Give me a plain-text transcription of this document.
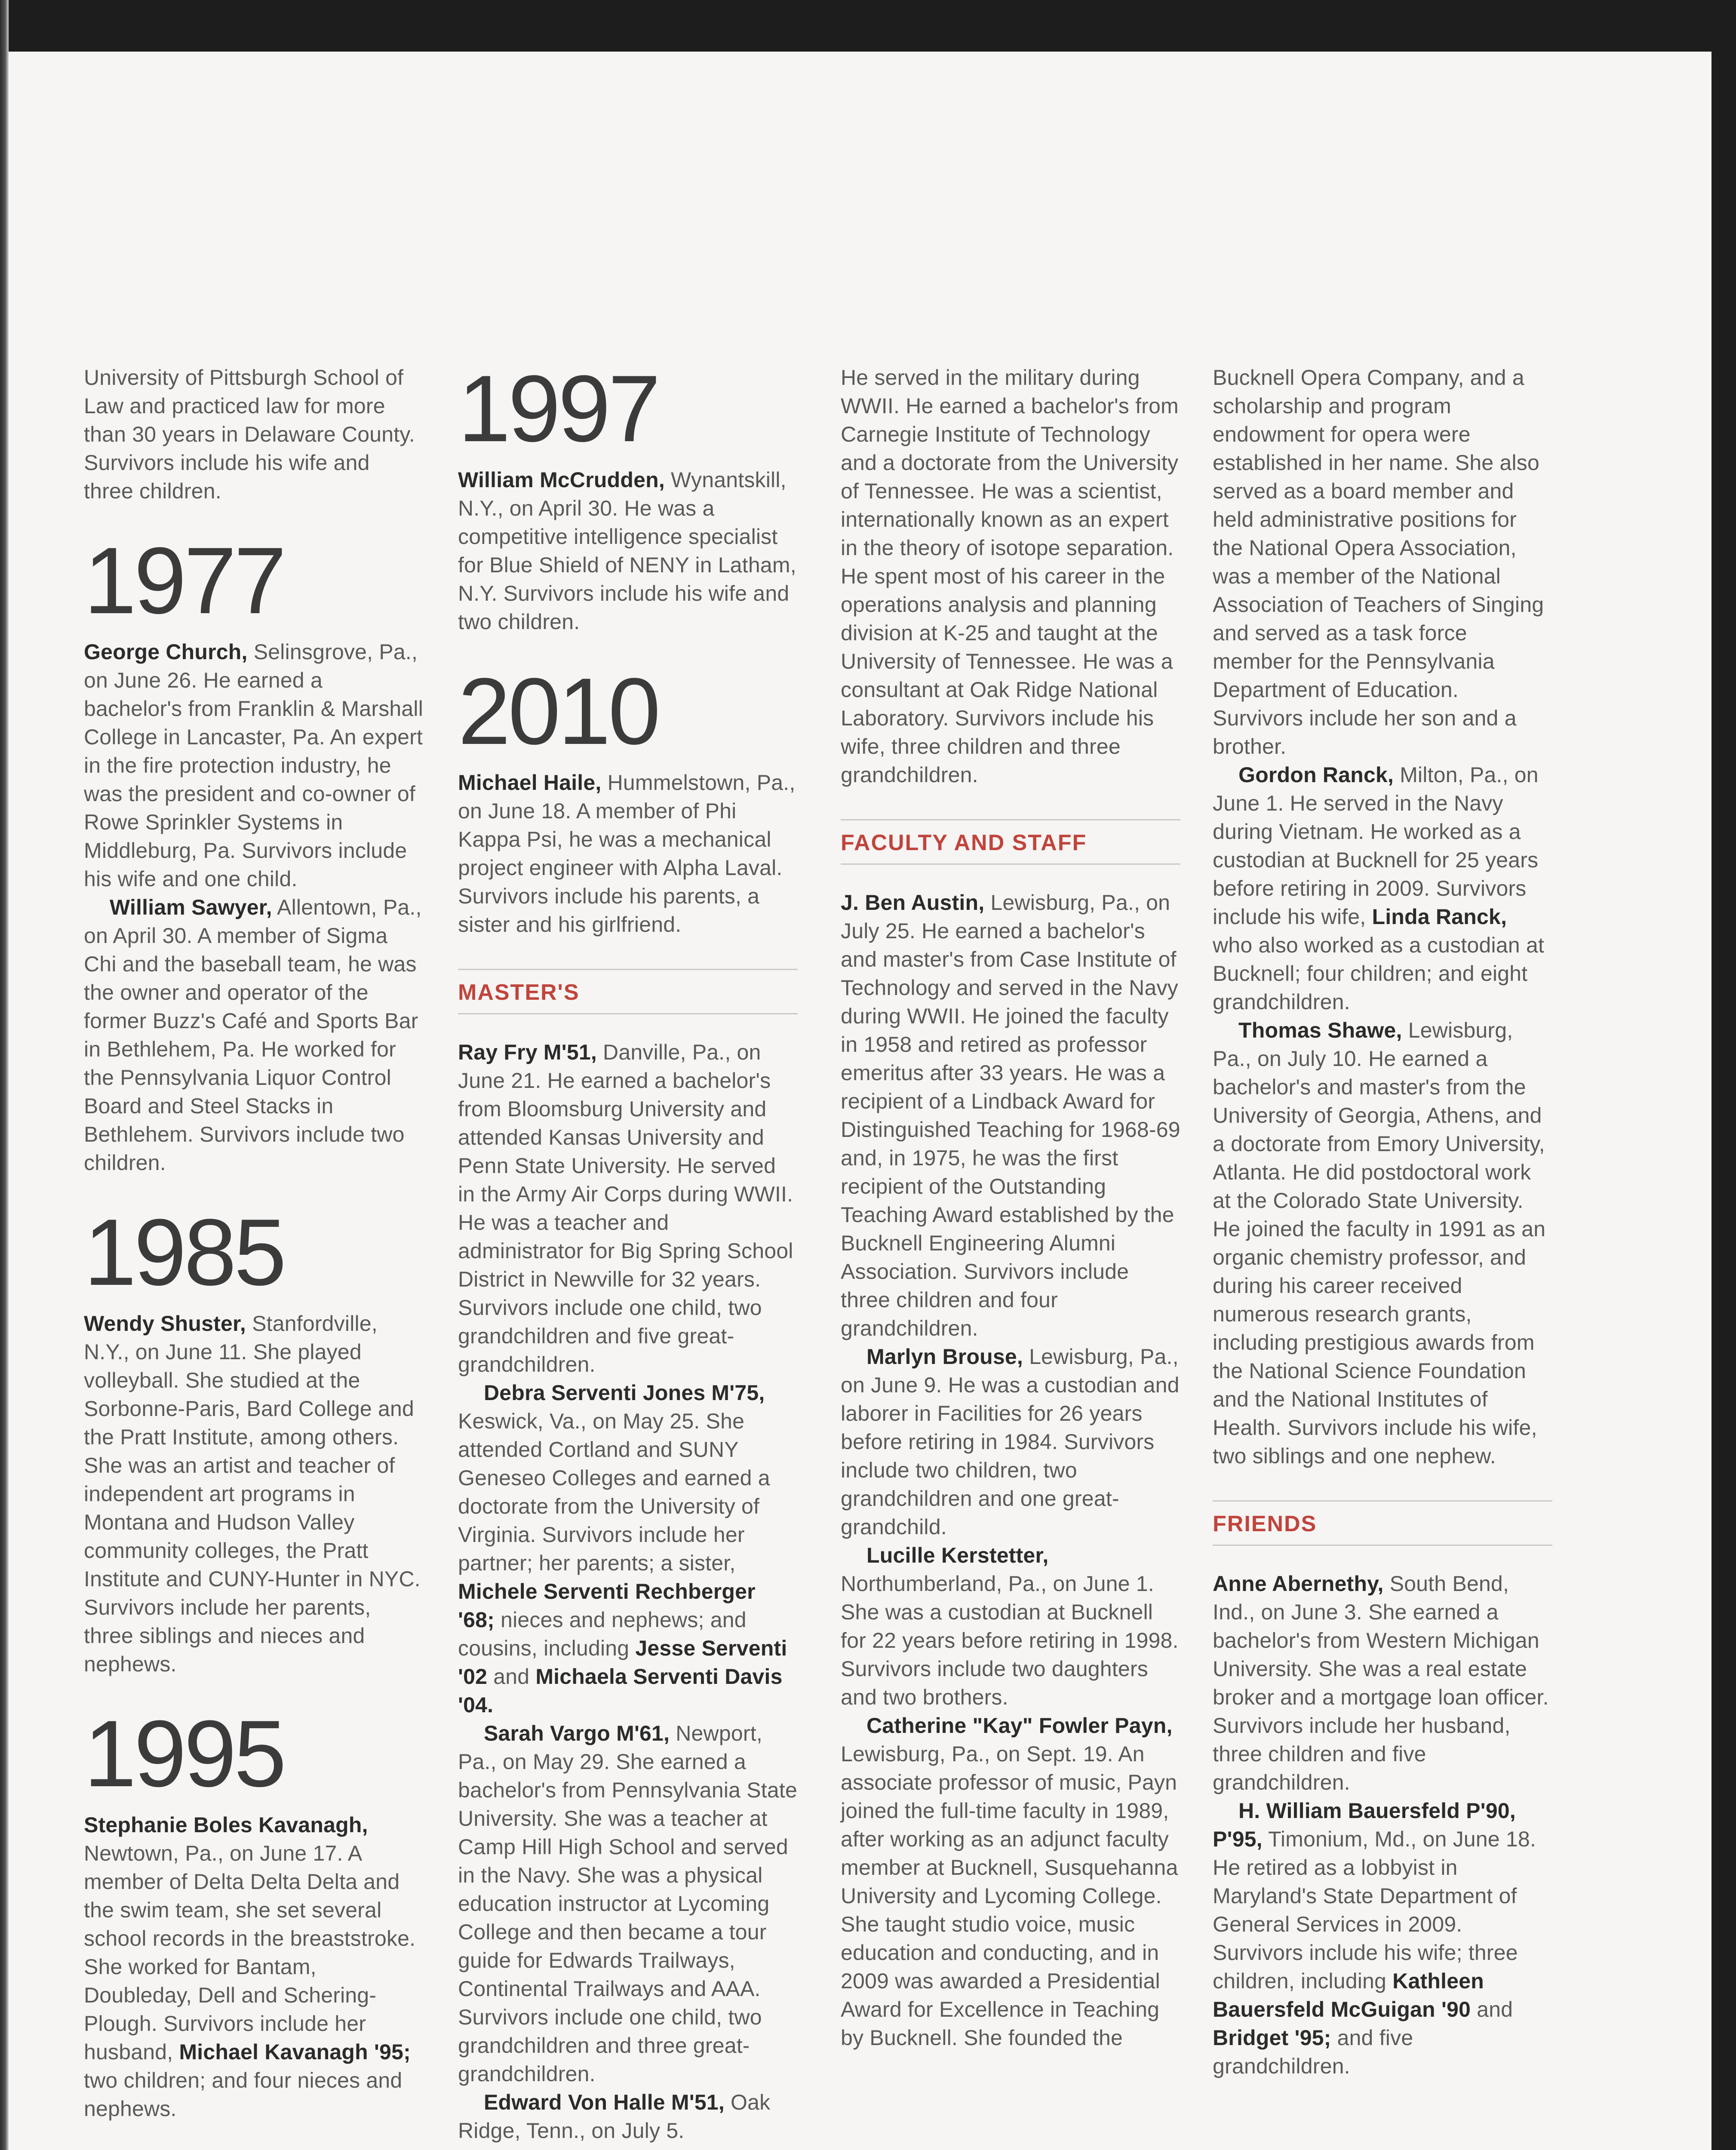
University of Pittsburgh School of Law and practiced law for more than 30 years in Delaware County. Survivors include his wife and three children.

1977

George Church, Selinsgrove, Pa., on June 26. He earned a bachelor's from Franklin & Marshall College in Lancaster, Pa. An expert in the fire protection industry, he was the president and co-owner of Rowe Sprinkler Systems in Middleburg, Pa. Survivors include his wife and one child.

William Sawyer, Allentown, Pa., on April 30. A member of Sigma Chi and the baseball team, he was the owner and operator of the former Buzz's Café and Sports Bar in Bethlehem, Pa. He worked for the Pennsylvania Liquor Control Board and Steel Stacks in Bethlehem. Survivors include two children.

1985

Wendy Shuster, Stanfordville, N.Y., on June 11. She played volleyball. She studied at the Sorbonne-Paris, Bard College and the Pratt Institute, among others. She was an artist and teacher of independent art programs in Montana and Hudson Valley community colleges, the Pratt Institute and CUNY-Hunter in NYC. Survivors include her parents, three siblings and nieces and nephews.

1995

Stephanie Boles Kavanagh, Newtown, Pa., on June 17. A member of Delta Delta Delta and the swim team, she set several school records in the breaststroke. She worked for Bantam, Doubleday, Dell and Schering-Plough. Survivors include her husband, Michael Kavanagh '95; two children; and four nieces and nephews.

1997

William McCrudden, Wynantskill, N.Y., on April 30. He was a competitive intelligence specialist for Blue Shield of NENY in Latham, N.Y. Survivors include his wife and two children.

2010

Michael Haile, Hummelstown, Pa., on June 18. A member of Phi Kappa Psi, he was a mechanical project engineer with Alpha Laval. Survivors include his parents, a sister and his girlfriend.

MASTER'S

Ray Fry M'51, Danville, Pa., on June 21. He earned a bachelor's from Bloomsburg University and attended Kansas University and Penn State University. He served in the Army Air Corps during WWII. He was a teacher and administrator for Big Spring School District in Newville for 32 years. Survivors include one child, two grandchildren and five great-grandchildren.

Debra Serventi Jones M'75, Keswick, Va., on May 25. She attended Cortland and SUNY Geneseo Colleges and earned a doctorate from the University of Virginia. Survivors include her partner; her parents; a sister, Michele Serventi Rechberger '68; nieces and nephews; and cousins, including Jesse Serventi '02 and Michaela Serventi Davis '04.

Sarah Vargo M'61, Newport, Pa., on May 29. She earned a bachelor's from Pennsylvania State University. She was a teacher at Camp Hill High School and served in the Navy. She was a physical education instructor at Lycoming College and then became a tour guide for Edwards Trailways, Continental Trailways and AAA. Survivors include one child, two grandchildren and three great-grandchildren.

Edward Von Halle M'51, Oak Ridge, Tenn., on July 5.

He served in the military during WWII. He earned a bachelor's from Carnegie Institute of Technology and a doctorate from the University of Tennessee. He was a scientist, internationally known as an expert in the theory of isotope separation. He spent most of his career in the operations analysis and planning division at K-25 and taught at the University of Tennessee. He was a consultant at Oak Ridge National Laboratory. Survivors include his wife, three children and three grandchildren.

FACULTY AND STAFF

J. Ben Austin, Lewisburg, Pa., on July 25. He earned a bachelor's and master's from Case Institute of Technology and served in the Navy during WWII. He joined the faculty in 1958 and retired as professor emeritus after 33 years. He was a recipient of a Lindback Award for Distinguished Teaching for 1968-69 and, in 1975, he was the first recipient of the Outstanding Teaching Award established by the Bucknell Engineering Alumni Association. Survivors include three children and four grandchildren.

Marlyn Brouse, Lewisburg, Pa., on June 9. He was a custodian and laborer in Facilities for 26 years before retiring in 1984. Survivors include two children, two grandchildren and one great-grandchild.

Lucille Kerstetter, Northumberland, Pa., on June 1. She was a custodian at Bucknell for 22 years before retiring in 1998. Survivors include two daughters and two brothers.

Catherine "Kay" Fowler Payn, Lewisburg, Pa., on Sept. 19. An associate professor of music, Payn joined the full-time faculty in 1989, after working as an adjunct faculty member at Bucknell, Susquehanna University and Lycoming College. She taught studio voice, music education and conducting, and in 2009 was awarded a Presidential Award for Excellence in Teaching by Bucknell. She founded the

Bucknell Opera Company, and a scholarship and program endowment for opera were established in her name. She also served as a board member and held administrative positions for the National Opera Association, was a member of the National Association of Teachers of Singing and served as a task force member for the Pennsylvania Department of Education. Survivors include her son and a brother.

Gordon Ranck, Milton, Pa., on June 1. He served in the Navy during Vietnam. He worked as a custodian at Bucknell for 25 years before retiring in 2009. Survivors include his wife, Linda Ranck, who also worked as a custodian at Bucknell; four children; and eight grandchildren.

Thomas Shawe, Lewisburg, Pa., on July 10. He earned a bachelor's and master's from the University of Georgia, Athens, and a doctorate from Emory University, Atlanta. He did postdoctoral work at the Colorado State University. He joined the faculty in 1991 as an organic chemistry professor, and during his career received numerous research grants, including prestigious awards from the National Science Foundation and the National Institutes of Health. Survivors include his wife, two siblings and one nephew.

FRIENDS

Anne Abernethy, South Bend, Ind., on June 3. She earned a bachelor's from Western Michigan University. She was a real estate broker and a mortgage loan officer. Survivors include her husband, three children and five grandchildren.

H. William Bauersfeld P'90, P'95, Timonium, Md., on June 18. He retired as a lobbyist in Maryland's State Department of General Services in 2009. Survivors include his wife; three children, including Kathleen Bauersfeld McGuigan '90 and Bridget '95; and five grandchildren.
